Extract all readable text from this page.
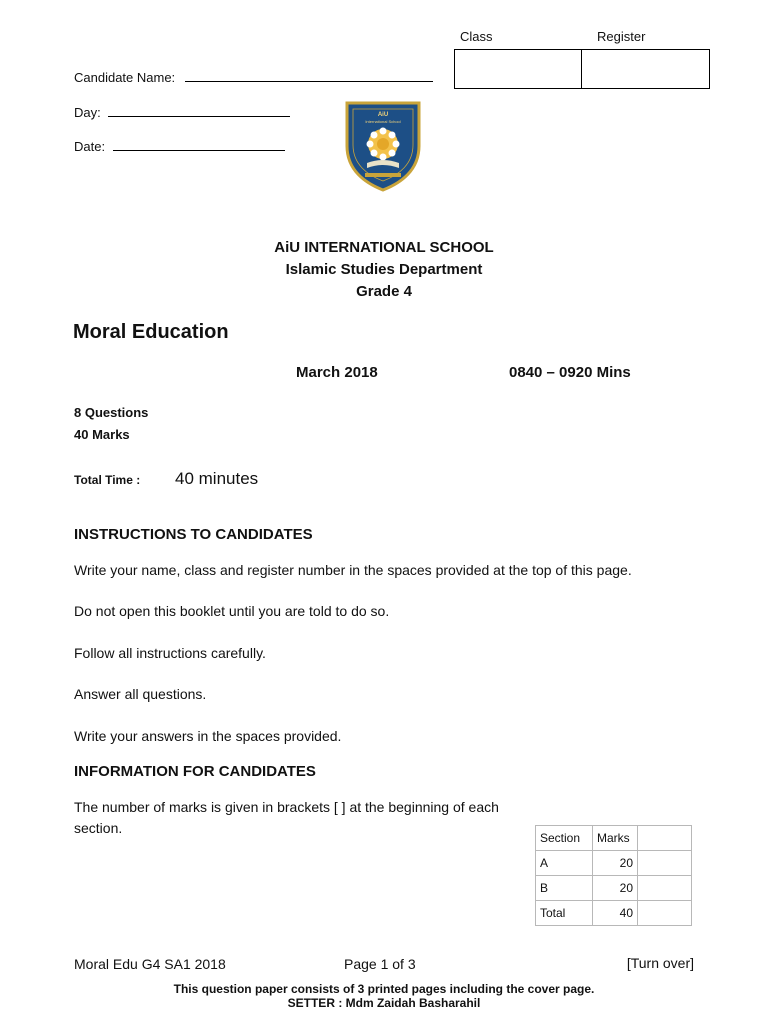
Class	Register
Candidate Name:
Day:
Date:
AiU
International School
AiU INTERNATIONAL SCHOOL
Islamic Studies Department
Grade 4
Moral Education
March 2018	0840 – 0920 Mins
8 Questions
40 Marks
Total Time : 40 minutes
INSTRUCTIONS TO CANDIDATES
Write your name, class and register number in the spaces provided at the top of this page.
Do not open this booklet until you are told to do so.
Follow all instructions carefully.
Answer all questions.
Write your answers in the spaces provided.
INFORMATION FOR CANDIDATES
The number of marks is given in brackets [ ] at the beginning of each section.
Section	Marks	
A	20	
B	20	
Total	40	
Moral Edu G4 SA1 2018	Page 1 of 3	[Turn over]
This question paper consists of 3 printed pages including the cover page.
SETTER : Mdm Zaidah Basharahil
